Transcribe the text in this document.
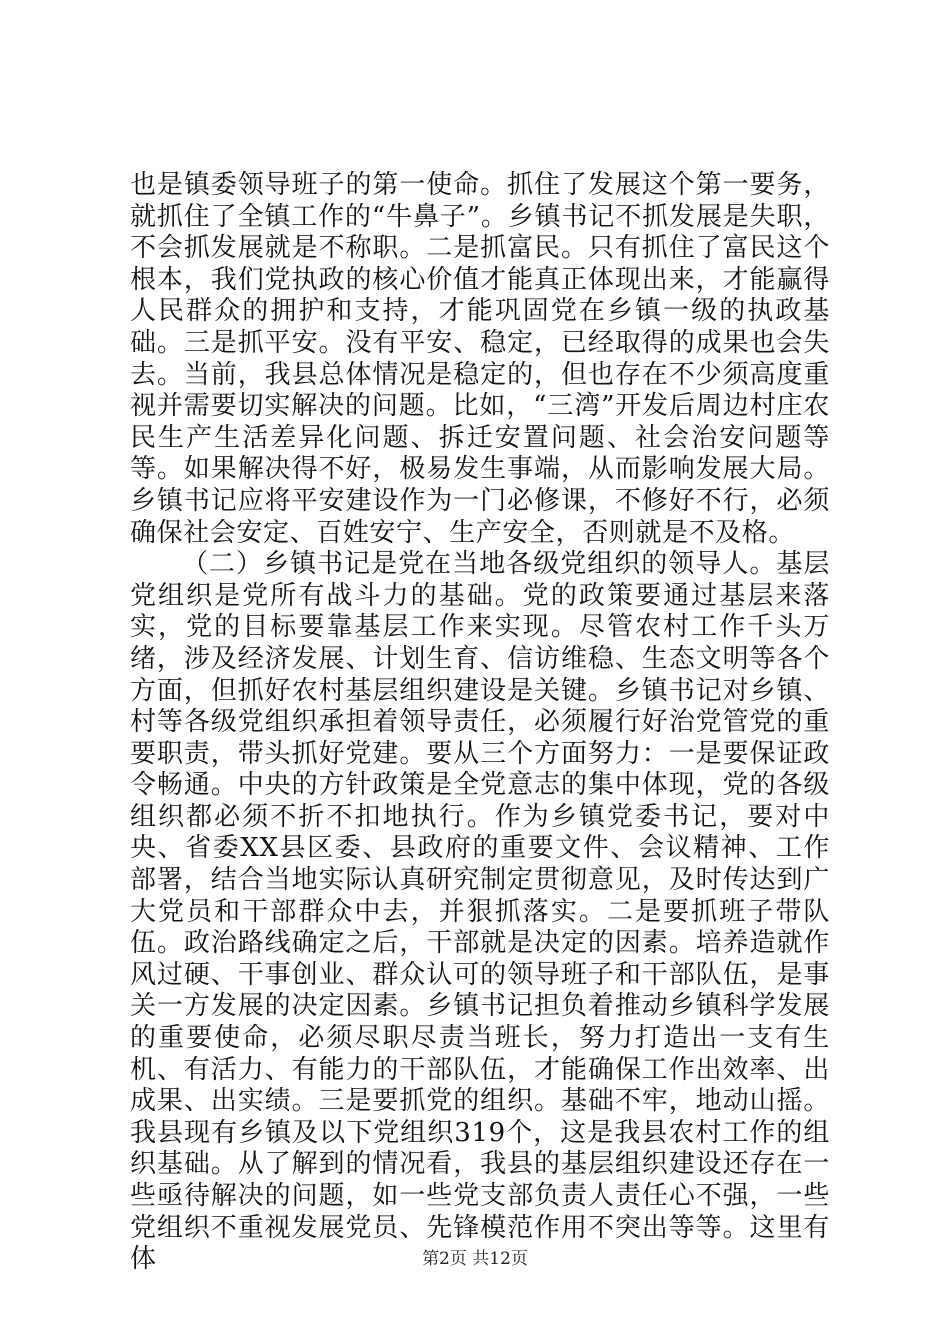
也是镇委领导班子的第一使命。抓住了发展这个第一要务，就抓住了全镇工作的“牛鼻子”。乡镇书记不抓发展是失职，不会抓发展就是不称职。二是抓富民。只有抓住了富民这个根本，我们党执政的核心价值才能真正体现出来，才能赢得人民群众的拥护和支持，才能巩固党在乡镇一级的执政基础。三是抓平安。没有平安、稳定，已经取得的成果也会失去。当前，我县总体情况是稳定的，但也存在不少须高度重视并需要切实解决的问题。比如，“三湾”开发后周边村庄农民生产生活差异化问题、拆迁安置问题、社会治安问题等等。如果解决得不好，极易发生事端，从而影响发展大局。乡镇书记应将平安建设作为一门必修课，不修好不行，必须确保社会安定、百姓安宁、生产安全，否则就是不及格。

（二）乡镇书记是党在当地各级党组织的领导人。基层党组织是党所有战斗力的基础。党的政策要通过基层来落实，党的目标要靠基层工作来实现。尽管农村工作千头万绪，涉及经济发展、计划生育、信访维稳、生态文明等各个方面，但抓好农村基层组织建设是关键。乡镇书记对乡镇、村等各级党组织承担着领导责任，必须履行好治党管党的重要职责，带头抓好党建。要从三个方面努力：一是要保证政令畅通。中央的方针政策是全党意志的集中体现，党的各级组织都必须不折不扣地执行。作为乡镇党委书记，要对中央、省委XX县区委、县政府的重要文件、会议精神、工作部署，结合当地实际认真研究制定贯彻意见，及时传达到广大党员和干部群众中去，并狠抓落实。二是要抓班子带队伍。政治路线确定之后，干部就是决定的因素。培养造就作风过硬、干事创业、群众认可的领导班子和干部队伍，是事关一方发展的决定因素。乡镇书记担负着推动乡镇科学发展的重要使命，必须尽职尽责当班长，努力打造出一支有生机、有活力、有能力的干部队伍，才能确保工作出效率、出成果、出实绩。三是要抓党的组织。基础不牢，地动山摇。我县现有乡镇及以下党组织319个，这是我县农村工作的组织基础。从了解到的情况看，我县的基层组织建设还存在一些亟待解决的问题，如一些党支部负责人责任心不强，一些党组织不重视发展党员、先锋模范作用不突出等等。这里有体	第2页 共12页
